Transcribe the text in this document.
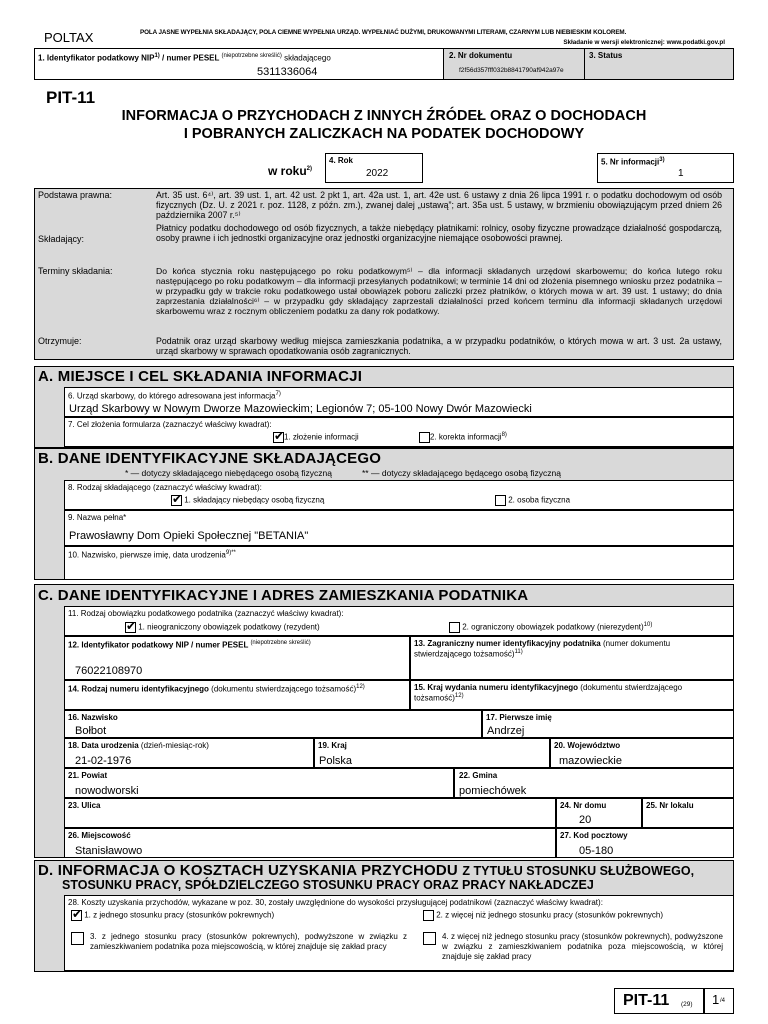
POLTAX	POLA JASNE WYPEŁNIA SKŁADAJĄCY, POLA CIEMNE WYPEŁNIA URZĄD. WYPEŁNIAĆ DUŻYMI, DRUKOWANYMI LITERAMI, CZARNYM LUB NIEBIESKIM KOLOREM.
Składanie w wersji elektronicznej: www.podatki.gov.pl
1. Identyfikator podatkowy NIP$^{1)}$ / numer PESEL $^{(niepotrzebne skreślić)}$ składającego
5311336064
2. Nr dokumentu
f2f56d357fff032b8841790af942a97e
3. Status
PIT-11
INFORMACJA O PRZYCHODACH Z INNYCH ŹRÓDEŁ ORAZ O DOCHODACH
I POBRANYCH ZALICZKACH NA PODATEK DOCHODOWY
w roku$^{2)}$
4. Rok
2022
5. Nr informacji$^{3)}$
1
Podstawa prawna:	Art. 35 ust. 6⁴⁾, art. 39 ust. 1, art. 42 ust. 2 pkt 1, art. 42a ust. 1, art. 42e ust. 6 ustawy z dnia 26 lipca 1991 r. o podatku dochodowym od osób fizycznych (Dz. U. z 2021 r. poz. 1128, z późn. zm.), zwanej dalej „ustawą”; art. 35a ust. 5 ustawy, w brzmieniu obowiązującym przed dniem 26 października 2007 r.⁵⁾
Składający:
Płatnicy podatku dochodowego od osób fizycznych, a także niebędący płatnikami: rolnicy, osoby fizyczne prowadzące działalność gospodarczą, osoby prawne i ich jednostki organizacyjne oraz jednostki organizacyjne niemające osobowości prawnej.
Terminy składania:	Do końca stycznia roku następującego po roku podatkowym⁵⁾ – dla informacji składanych urzędowi skarbowemu; do końca lutego roku następującego po roku podatkowym – dla informacji przesyłanych podatnikowi; w terminie 14 dni od złożenia pisemnego wniosku przez podatnika – w przypadku gdy w trakcie roku podatkowego ustał obowiązek poboru zaliczki przez płatników, o których mowa w art. 39 ust. 1 ustawy; do dnia zaprzestania działalności⁶⁾ – w przypadku gdy składający zaprzestali działalności przed końcem terminu dla informacji składanych urzędowi skarbowemu wraz z rocznym obliczeniem podatku za dany rok podatkowy.
Otrzymuje:	Podatnik oraz urząd skarbowy według miejsca zamieszkania podatnika, a w przypadku podatników, o których mowa w art. 3 ust. 2a ustawy, urząd skarbowy w sprawach opodatkowania osób zagranicznych.
A. MIEJSCE I CEL SKŁADANIA INFORMACJI
6. Urząd skarbowy, do którego adresowana jest informacja$^{7)}$
Urząd Skarbowy w Nowym Dworze Mazowieckim; Legionów 7; 05-100 Nowy Dwór Mazowiecki
7. Cel złożenia formularza (zaznaczyć właściwy kwadrat):
✔1. złożenie informacji	2. korekta informacji$^{8)}$
B. DANE IDENTYFIKACYJNE SKŁADAJĄCEGO
* — dotyczy składającego niebędącego osobą fizyczną	** — dotyczy składającego będącego osobą fizyczną
8. Rodzaj składającego (zaznaczyć właściwy kwadrat):
✔ 1. składający niebędący osobą fizyczną	2. osoba fizyczna
9. Nazwa pełna*
Prawosławny Dom Opieki Społecznej "BETANIA"
10. Nazwisko, pierwsze imię, data urodzenia$^{9)**}$
C. DANE IDENTYFIKACYJNE I ADRES ZAMIESZKANIA PODATNIKA
11. Rodzaj obowiązku podatkowego podatnika (zaznaczyć właściwy kwadrat):
✔ 1. nieograniczony obowiązek podatkowy (rezydent)	2. ograniczony obowiązek podatkowy (nierezydent)$^{10)}$
12. Identyfikator podatkowy NIP / numer PESEL $^{(niepotrzebne skreślić)}$
76022108970
13. Zagraniczny numer identyfikacyjny podatnika (numer dokumentu stwierdzającego tożsamość)$^{11)}$
14. Rodzaj numeru identyfikacyjnego (dokumentu stwierdzającego tożsamość)$^{12)}$	15. Kraj wydania numeru identyfikacyjnego (dokumentu stwierdzającego tożsamość)$^{12)}$
16. Nazwisko
Bołbot
17. Pierwsze imię
Andrzej
18. Data urodzenia (dzień-miesiąc-rok)
21-02-1976
19. Kraj
Polska
20. Województwo
mazowieckie
21. Powiat
nowodworski
22. Gmina
pomiechówek
23. Ulica	24. Nr domu
20
25. Nr lokalu
26. Miejscowość
Stanisławowo
27. Kod pocztowy
05-180
D. INFORMACJA O KOSZTACH UZYSKANIA PRZYCHODU Z TYTUŁU STOSUNKU SŁUŻBOWEGO,
STOSUNKU PRACY, SPÓŁDZIELCZEGO STOSUNKU PRACY ORAZ PRACY NAKŁADCZEJ
28. Koszty uzyskania przychodów, wykazane w poz. 30, zostały uwzględnione do wysokości przysługującej podatnikowi (zaznaczyć właściwy kwadrat):
✔ 1. z jednego stosunku pracy (stosunków pokrewnych)	2. z więcej niż jednego stosunku pracy (stosunków pokrewnych)
3. z jednego stosunku pracy (stosunków pokrewnych), podwyższone w związku z zamieszkiwaniem podatnika poza miejscowością, w której znajduje się zakład pracy
4. z więcej niż jednego stosunku pracy (stosunków pokrewnych), podwyższone w związku z zamieszkiwaniem podatnika poza miejscowością, w której znajduje się zakład pracy
PIT-11 (29) 1 /4
